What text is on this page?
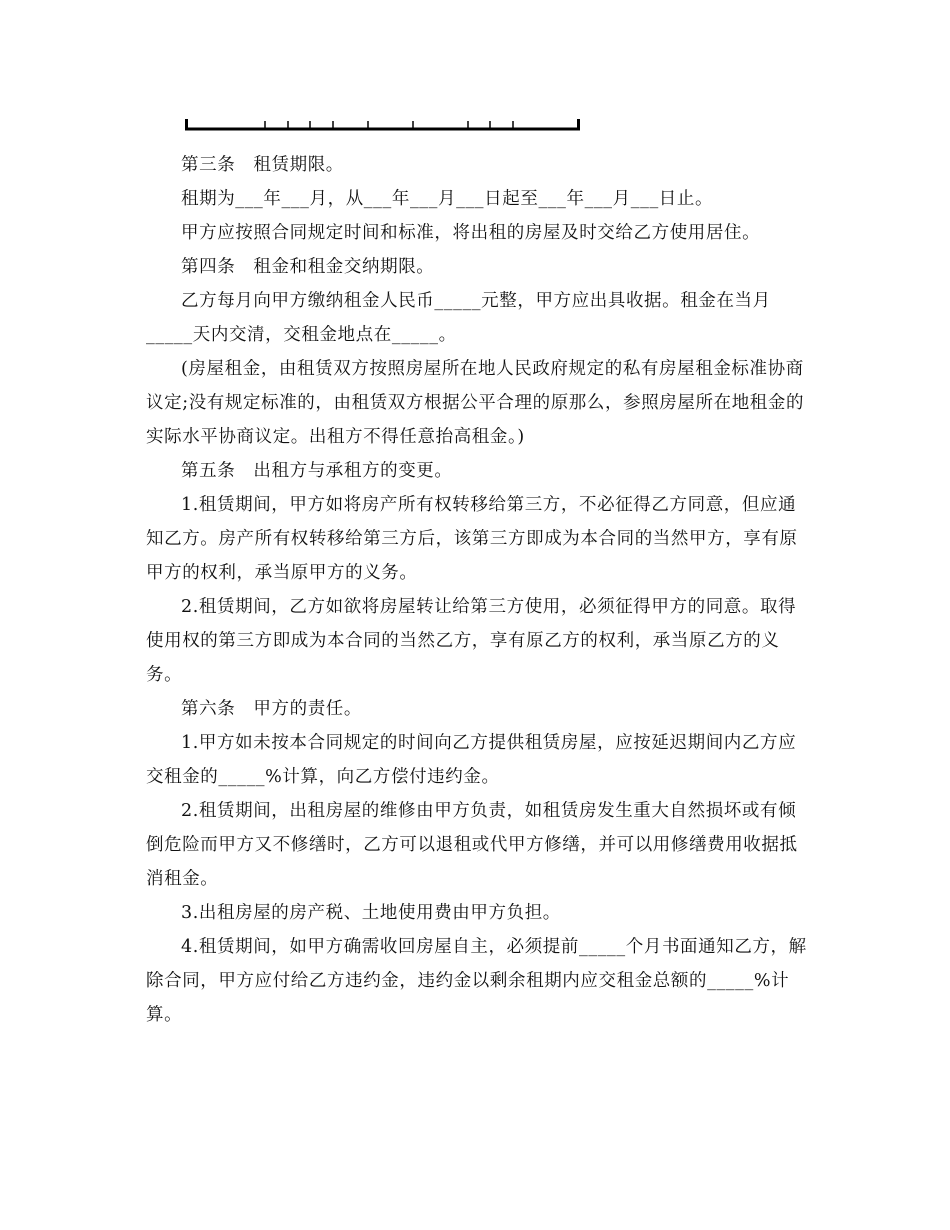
第三条　租赁期限。

租期为___年___月，从___年___月___日起至___年___月___日止。

甲方应按照合同规定时间和标准，将出租的房屋及时交给乙方使用居住。

第四条　租金和租金交纳期限。

乙方每月向甲方缴纳租金人民币_____元整，甲方应出具收据。租金在当月_____天内交清，交租金地点在_____。

(房屋租金，由租赁双方按照房屋所在地人民政府规定的私有房屋租金标准协商议定;没有规定标准的，由租赁双方根据公平合理的原那么，参照房屋所在地租金的实际水平协商议定。出租方不得任意抬高租金。)

第五条　出租方与承租方的变更。

1.租赁期间，甲方如将房产所有权转移给第三方，不必征得乙方同意，但应通知乙方。房产所有权转移给第三方后，该第三方即成为本合同的当然甲方，享有原甲方的权利，承当原甲方的义务。

2.租赁期间，乙方如欲将房屋转让给第三方使用，必须征得甲方的同意。取得使用权的第三方即成为本合同的当然乙方，享有原乙方的权利，承当原乙方的义务。

第六条　甲方的责任。

1.甲方如未按本合同规定的时间向乙方提供租赁房屋，应按延迟期间内乙方应交租金的_____%计算，向乙方偿付违约金。

2.租赁期间，出租房屋的维修由甲方负责，如租赁房发生重大自然损坏或有倾倒危险而甲方又不修缮时，乙方可以退租或代甲方修缮，并可以用修缮费用收据抵消租金。

3.出租房屋的房产税、土地使用费由甲方负担。

4.租赁期间，如甲方确需收回房屋自主，必须提前_____个月书面通知乙方，解除合同，甲方应付给乙方违约金，违约金以剩余租期内应交租金总额的_____%计算。
